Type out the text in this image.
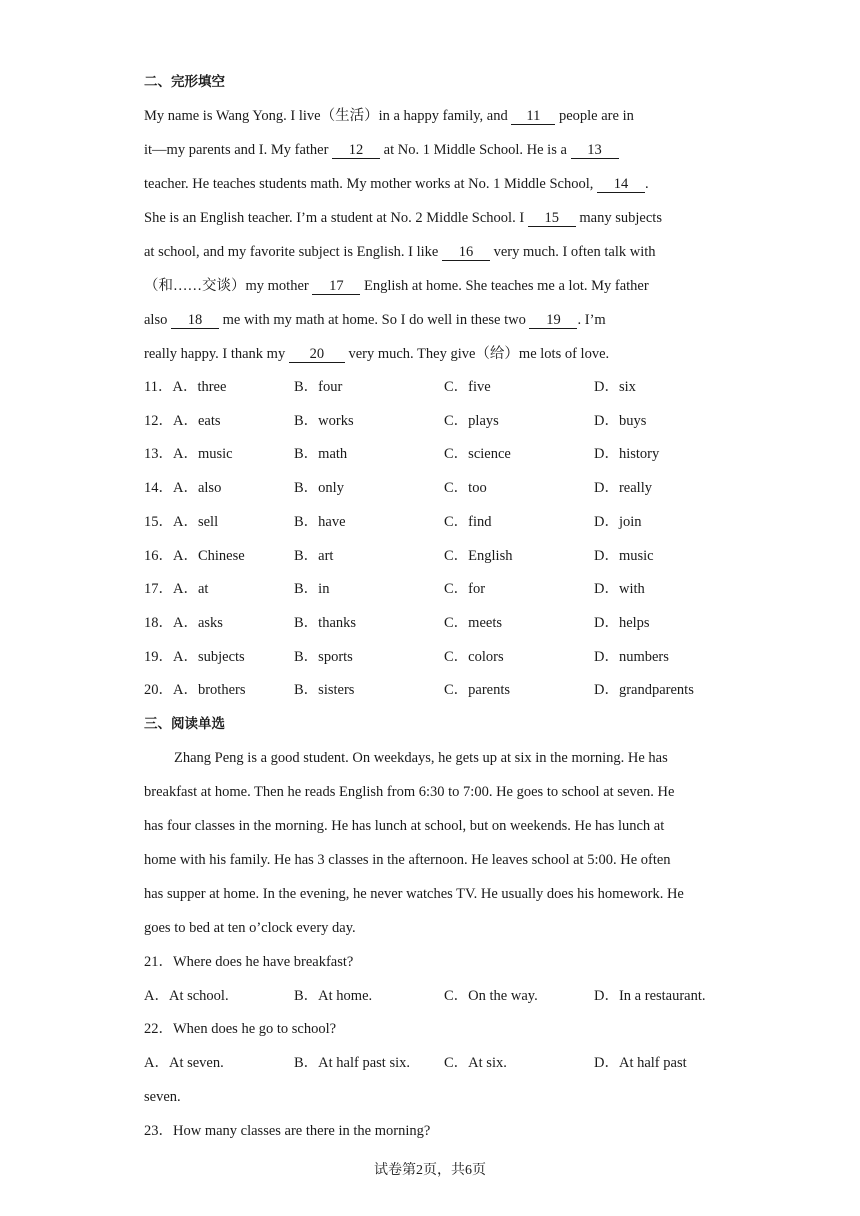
二、完形填空
My name is Wang Yong. I live（生活）in a happy family, and 11 people are in
it—my parents and I. My father 12 at No. 1 Middle School. He is a 13
teacher. He teaches students math. My mother works at No. 1 Middle School, 14 .
She is an English teacher. I’m a student at No. 2 Middle School. I 15 many subjects
at school, and my favorite subject is English. I like 16 very much. I often talk with
（和……交谈）my mother 17 English at home. She teaches me a lot. My father
also 18 me with my math at home. So I do well in these two 19 . I’m
really happy. I thank my 20 very much. They give（给）me lots of love.
11．A．three	B．four	C．five	D．six
12．A．eats	B．works	C．plays	D．buys
13．A．music	B．math	C．science	D．history
14．A．also	B．only	C．too	D．really
15．A．sell	B．have	C．find	D．join
16．A．Chinese	B．art	C．English	D．music
17．A．at	B．in	C．for	D．with
18．A．asks	B．thanks	C．meets	D．helps
19．A．subjects	B．sports	C．colors	D．numbers
20．A．brothers	B．sisters	C．parents	D．grandparents
三、阅读单选
Zhang Peng is a good student. On weekdays, he gets up at six in the morning. He has
breakfast at home. Then he reads English from 6:30 to 7:00. He goes to school at seven. He
has four classes in the morning. He has lunch at school, but on weekends. He has lunch at
home with his family. He has 3 classes in the afternoon. He leaves school at 5:00. He often
has supper at home. In the evening, he never watches TV. He usually does his homework. He
goes to bed at ten o’clock every day.
21．Where does he have breakfast?
A．At school.	B．At home.	C．On the way.	D．In a restaurant.
22．When does he go to school?
A．At seven.	B．At half past six. C．At six.	D．At half past
seven.
23．How many classes are there in the morning?
试卷第2页，共6页
